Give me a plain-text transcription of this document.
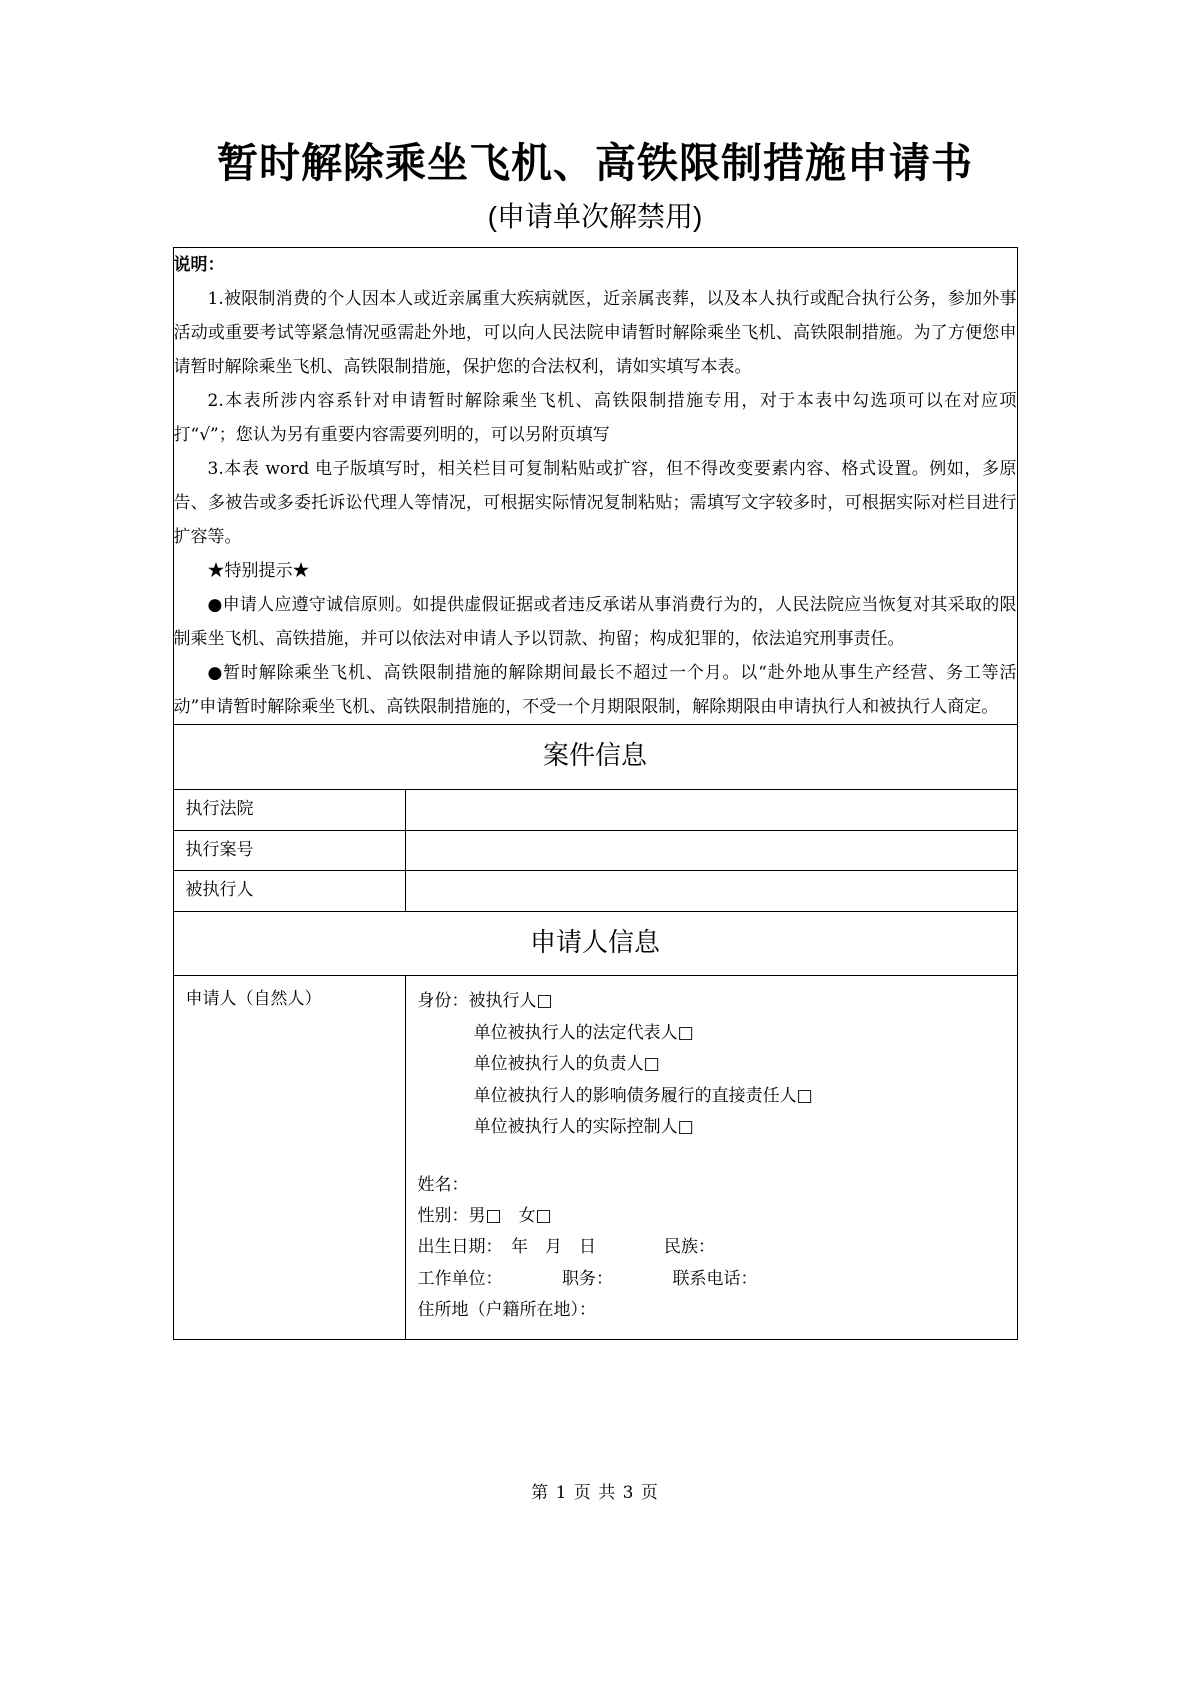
暂时解除乘坐飞机、高铁限制措施申请书
(申请单次解禁用)

说明：

1.被限制消费的个人因本人或近亲属重大疾病就医，近亲属丧葬，以及本人执行或配合执行公务，参加外事活动或重要考试等紧急情况亟需赴外地，可以向人民法院申请暂时解除乘坐飞机、高铁限制措施。为了方便您申请暂时解除乘坐飞机、高铁限制措施，保护您的合法权利，请如实填写本表。

2.本表所涉内容系针对申请暂时解除乘坐飞机、高铁限制措施专用，对于本表中勾选项可以在对应项打“√”；您认为另有重要内容需要列明的，可以另附页填写

3.本表 word 电子版填写时，相关栏目可复制粘贴或扩容，但不得改变要素内容、格式设置。例如，多原告、多被告或多委托诉讼代理人等情况，可根据实际情况复制粘贴；需填写文字较多时，可根据实际对栏目进行扩容等。

★特别提示★

●申请人应遵守诚信原则。如提供虚假证据或者违反承诺从事消费行为的，人民法院应当恢复对其采取的限制乘坐飞机、高铁措施，并可以依法对申请人予以罚款、拘留；构成犯罪的，依法追究刑事责任。

●暂时解除乘坐飞机、高铁限制措施的解除期间最长不超过一个月。以“赴外地从事生产经营、务工等活动”申请暂时解除乘坐飞机、高铁限制措施的，不受一个月期限限制，解除期限由申请执行人和被执行人商定。

案件信息	
执行法院	
执行案号	
被执行人	
申请人信息	
申请人（自然人）	身份：被执行人□
单位被执行人的法定代表人□
单位被执行人的负责人□
单位被执行人的影响债务履行的直接责任人□
单位被执行人的实际控制人□

姓名：
性别：男□　女□
出生日期：　年　月　日　　　　民族：
工作单位：　　　　职务：　　　　联系电话：
住所地（户籍所在地）：
第 1 页 共 3 页
